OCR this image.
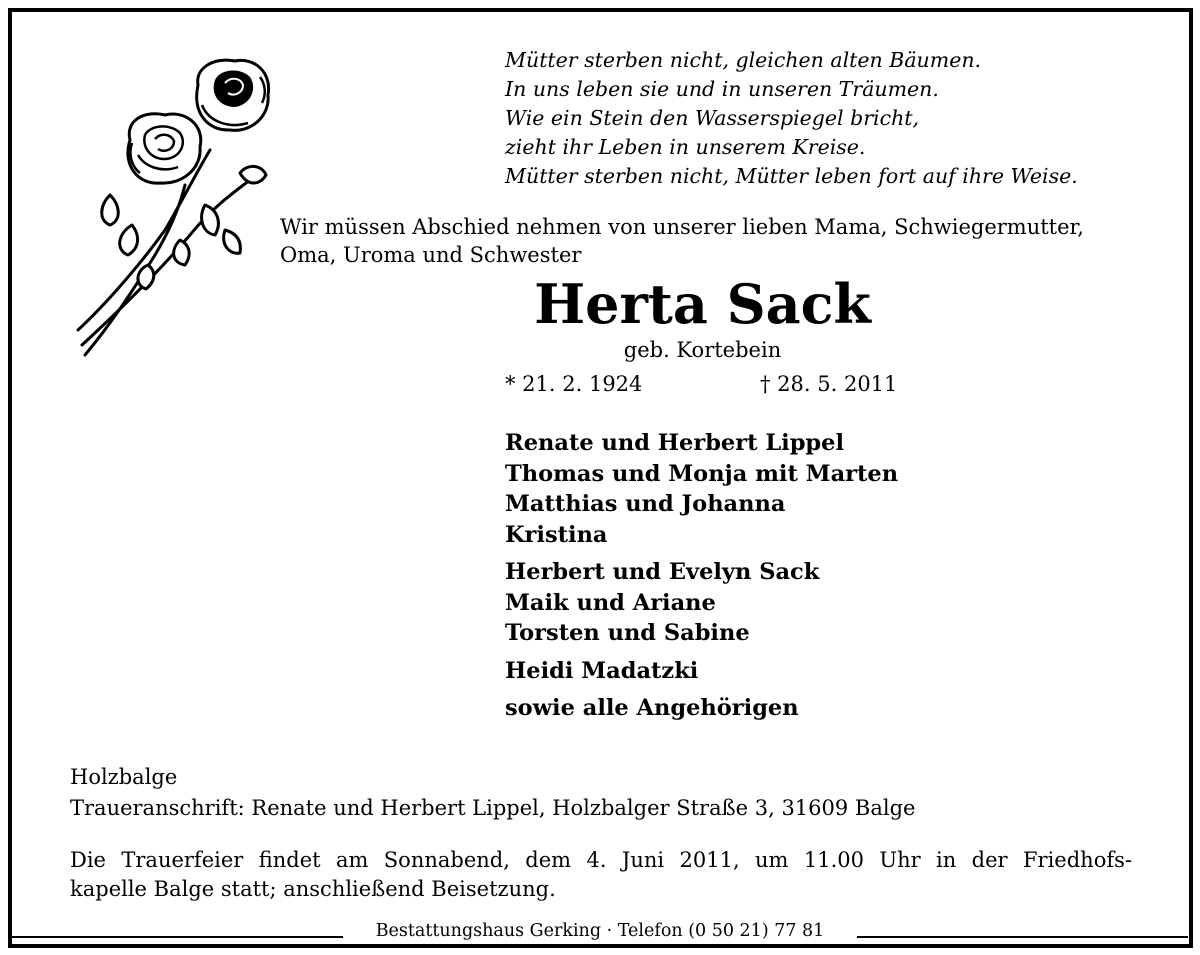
Mütter sterben nicht, gleichen alten Bäumen.
In uns leben sie und in unseren Träumen.
Wie ein Stein den Wasserspiegel bricht,
zieht ihr Leben in unserem Kreise.
Mütter sterben nicht, Mütter leben fort auf ihre Weise.
Wir müssen Abschied nehmen von unserer lieben Mama, Schwiegermutter,
Oma, Uroma und Schwester
Herta Sack
geb. Kortebein
* 21. 2. 1924	† 28. 5. 2011
Renate und Herbert Lippel
Thomas und Monja mit Marten
Matthias und Johanna
Kristina
Herbert und Evelyn Sack
Maik und Ariane
Torsten und Sabine
Heidi Madatzki
sowie alle Angehörigen
Holzbalge
Traueranschrift: Renate und Herbert Lippel, Holzbalger Straße 3, 31609 Balge
Die Trauerfeier findet am Sonnabend, dem 4. Juni 2011, um 11.00 Uhr in der Friedhofs-
kapelle Balge statt; anschließend Beisetzung.
Bestattungshaus Gerking · Telefon (0 50 21) 77 81
